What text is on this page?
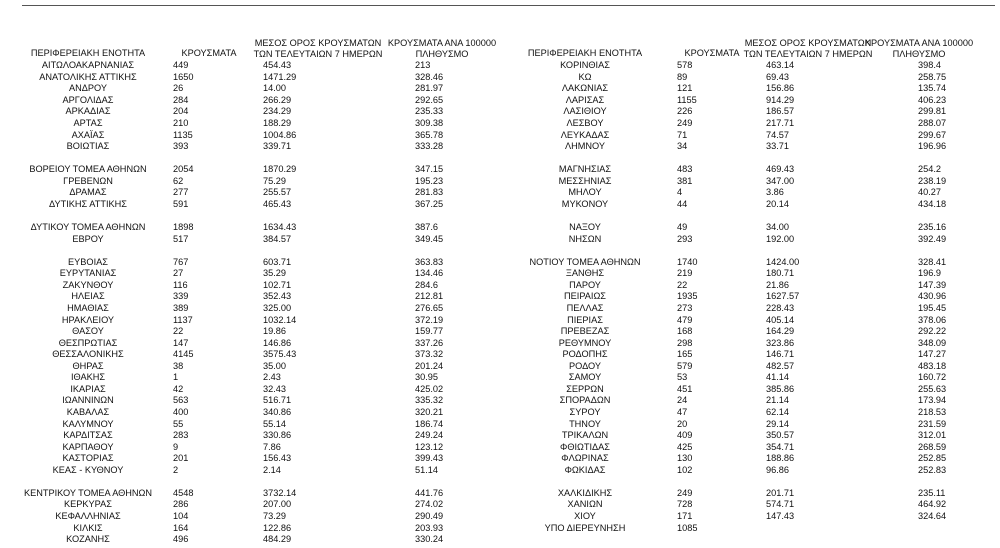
ΠΕΡΙΦΕΡΕΙΑΚΗ ΕΝΟΤΗΤΑ	ΚΡΟΥΣΜΑΤΑ
ΜΕΣΟΣ ΟΡΟΣ ΚΡΟΥΣΜΑΤΩΝ
ΤΩΝ ΤΕΛΕΥΤΑΙΩΝ 7 ΗΜΕΡΩΝ
ΚΡΟΥΣΜΑΤΑ ΑΝΑ 100000
ΠΛΗΘΥΣΜΟ
ΑΙΤΩΛΟΑΚΑΡΝΑΝΙΑΣ	449	454.43	213
ΑΝΑΤΟΛΙΚΗΣ ΑΤΤΙΚΗΣ	1650	1471.29	328.46
ΑΝΔΡΟΥ	26	14.00	281.97
ΑΡΓΟΛΙΔΑΣ	284	266.29	292.65
ΑΡΚΑΔΙΑΣ	204	234.29	235.33
ΑΡΤΑΣ	210	188.29	309.38
ΑΧΑΪΑΣ	1135	1004.86	365.78
ΒΟΙΩΤΙΑΣ	393	339.71	333.28
ΒΟΡΕΙΟΥ ΤΟΜΕΑ ΑΘΗΝΩΝ	2054	1870.29	347.15
ΓΡΕΒΕΝΩΝ	62	75.29	195.23
ΔΡΑΜΑΣ	277	255.57	281.83
ΔΥΤΙΚΗΣ ΑΤΤΙΚΗΣ	591	465.43	367.25
ΔΥΤΙΚΟΥ ΤΟΜΕΑ ΑΘΗΝΩΝ	1898	1634.43	387.6
ΕΒΡΟΥ	517	384.57	349.45
ΕΥΒΟΙΑΣ	767	603.71	363.83
ΕΥΡΥΤΑΝΙΑΣ	27	35.29	134.46
ΖΑΚΥΝΘΟΥ	116	102.71	284.6
ΗΛΕΙΑΣ	339	352.43	212.81
ΗΜΑΘΙΑΣ	389	325.00	276.65
ΗΡΑΚΛΕΙΟΥ	1137	1032.14	372.19
ΘΑΣΟΥ	22	19.86	159.77
ΘΕΣΠΡΩΤΙΑΣ	147	146.86	337.26
ΘΕΣΣΑΛΟΝΙΚΗΣ	4145	3575.43	373.32
ΘΗΡΑΣ	38	35.00	201.24
ΙΘΑΚΗΣ	1	2.43	30.95
ΙΚΑΡΙΑΣ	42	32.43	425.02
ΙΩΑΝΝΙΝΩΝ	563	516.71	335.32
ΚΑΒΑΛΑΣ	400	340.86	320.21
ΚΑΛΥΜΝΟΥ	55	55.14	186.74
ΚΑΡΔΙΤΣΑΣ	283	330.86	249.24
ΚΑΡΠΑΘΟΥ	9	7.86	123.12
ΚΑΣΤΟΡΙΑΣ	201	156.43	399.43
ΚΕΑΣ - ΚΥΘΝΟΥ	2	2.14	51.14
ΚΕΝΤΡΙΚΟΥ ΤΟΜΕΑ ΑΘΗΝΩΝ	4548	3732.14	441.76
ΚΕΡΚΥΡΑΣ	286	207.00	274.02
ΚΕΦΑΛΛΗΝΙΑΣ	104	73.29	290.49
ΚΙΛΚΙΣ	164	122.86	203.93
ΚΟΖΑΝΗΣ	496	484.29	330.24
ΠΕΡΙΦΕΡΕΙΑΚΗ ΕΝΟΤΗΤΑ	ΚΡΟΥΣΜΑΤΑ
ΜΕΣΟΣ ΟΡΟΣ ΚΡΟΥΣΜΑΤΩΝ
ΤΩΝ ΤΕΛΕΥΤΑΙΩΝ 7 ΗΜΕΡΩΝ
ΚΡΟΥΣΜΑΤΑ ΑΝΑ 100000
ΠΛΗΘΥΣΜΟ
ΚΟΡΙΝΘΙΑΣ	578	463.14	398.4
ΚΩ	89	69.43	258.75
ΛΑΚΩΝΙΑΣ	121	156.86	135.74
ΛΑΡΙΣΑΣ	1155	914.29	406.23
ΛΑΣΙΘΙΟΥ	226	186.57	299.81
ΛΕΣΒΟΥ	249	217.71	288.07
ΛΕΥΚΑΔΑΣ	71	74.57	299.67
ΛΗΜΝΟΥ	34	33.71	196.96
ΜΑΓΝΗΣΙΑΣ	483	469.43	254.2
ΜΕΣΣΗΝΙΑΣ	381	347.00	238.19
ΜΗΛΟΥ	4	3.86	40.27
ΜΥΚΟΝΟΥ	44	20.14	434.18
ΝΑΞΟΥ	49	34.00	235.16
ΝΗΣΩΝ	293	192.00	392.49
ΝΟΤΙΟΥ ΤΟΜΕΑ ΑΘΗΝΩΝ	1740	1424.00	328.41
ΞΑΝΘΗΣ	219	180.71	196.9
ΠΑΡΟΥ	22	21.86	147.39
ΠΕΙΡΑΙΩΣ	1935	1627.57	430.96
ΠΕΛΛΑΣ	273	228.43	195.45
ΠΙΕΡΙΑΣ	479	405.14	378.06
ΠΡΕΒΕΖΑΣ	168	164.29	292.22
ΡΕΘΥΜΝΟΥ	298	323.86	348.09
ΡΟΔΟΠΗΣ	165	146.71	147.27
ΡΟΔΟΥ	579	482.57	483.18
ΣΑΜΟΥ	53	41.14	160.72
ΣΕΡΡΩΝ	451	385.86	255.63
ΣΠΟΡΑΔΩΝ	24	21.14	173.94
ΣΥΡΟΥ	47	62.14	218.53
ΤΗΝΟΥ	20	29.14	231.59
ΤΡΙΚΑΛΩΝ	409	350.57	312.01
ΦΘΙΩΤΙΔΑΣ	425	354.71	268.59
ΦΛΩΡΙΝΑΣ	130	188.86	252.85
ΦΩΚΙΔΑΣ	102	96.86	252.83
ΧΑΛΚΙΔΙΚΗΣ	249	201.71	235.11
ΧΑΝΙΩΝ	728	574.71	464.92
ΧΙΟΥ	171	147.43	324.64
ΥΠΟ ΔΙΕΡΕΥΝΗΣΗ	1085
